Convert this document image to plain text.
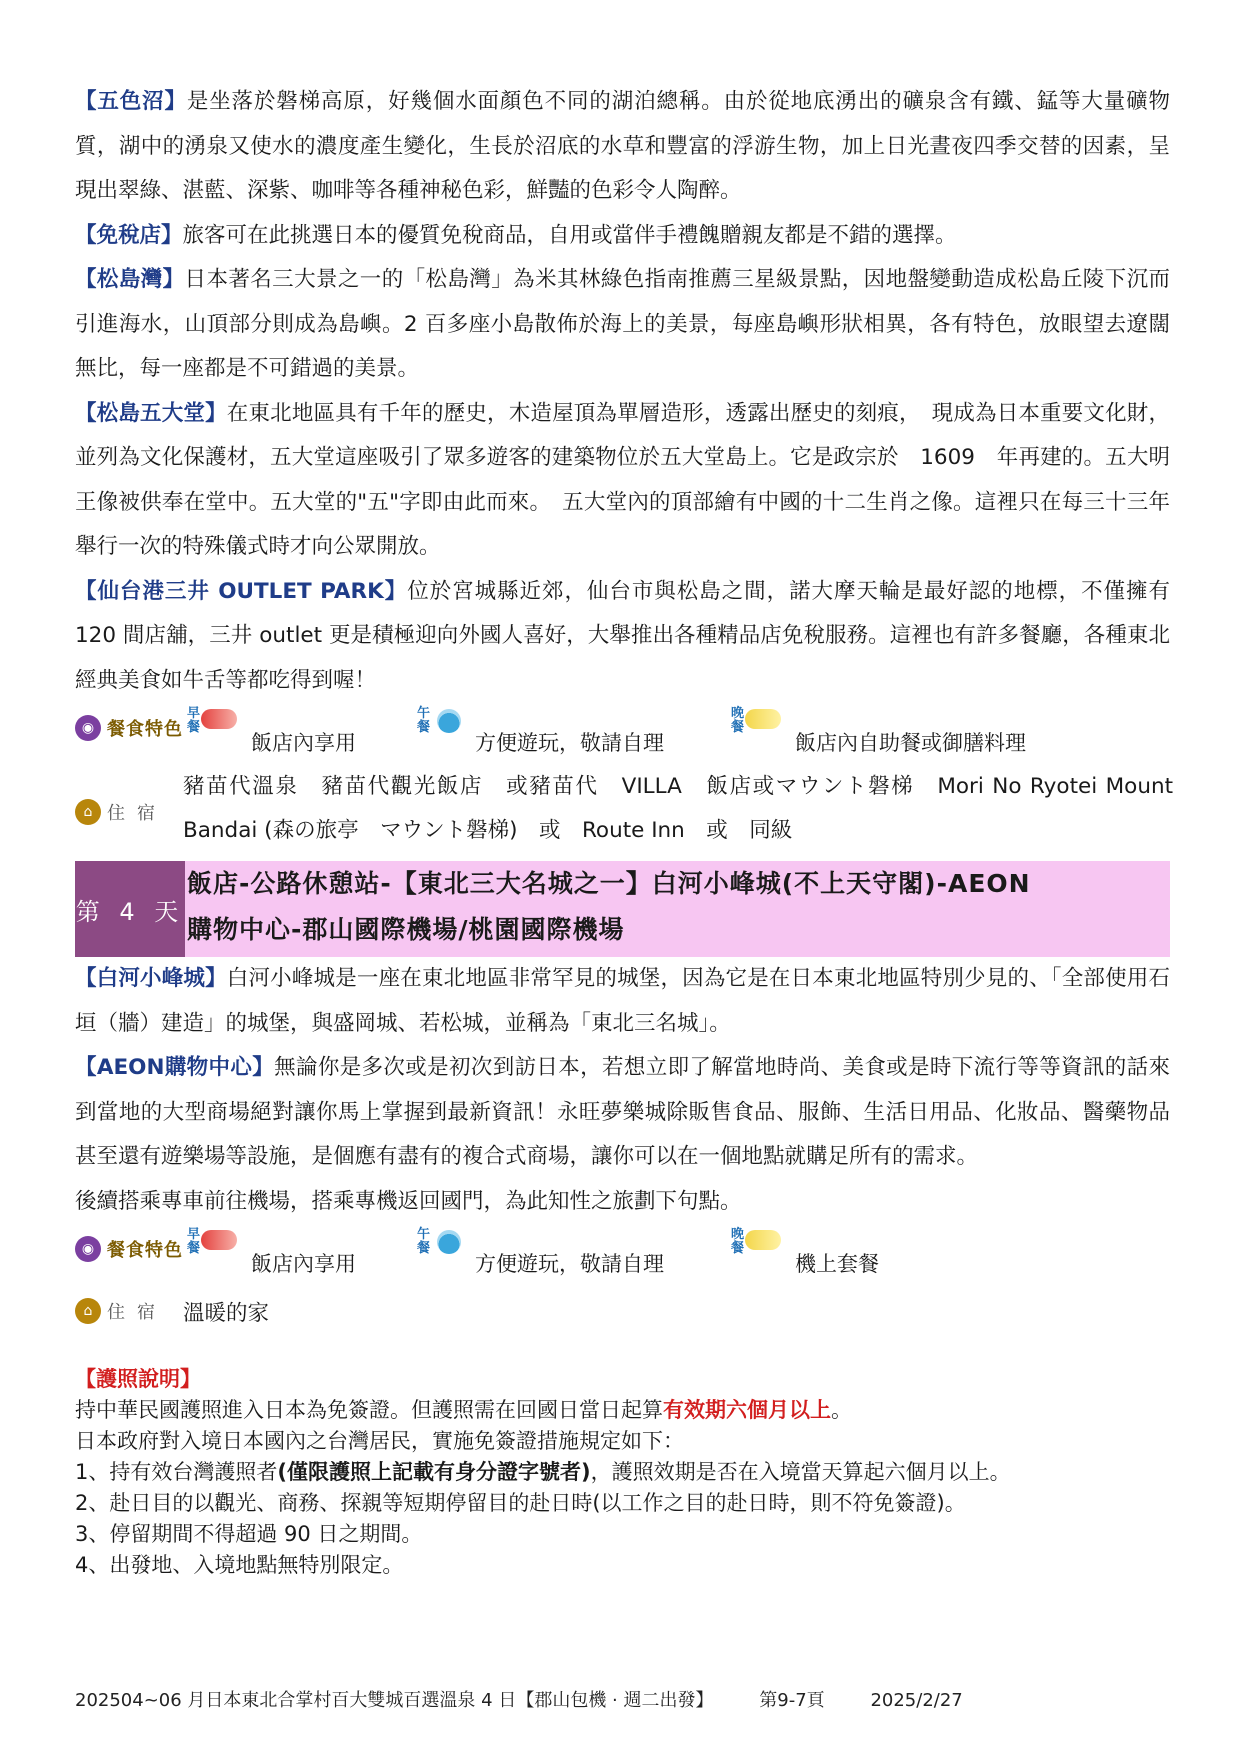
【五色沼】是坐落於磐梯高原，好幾個水面顏色不同的湖泊總稱。由於從地底湧出的礦泉含有鐵、錳等大量礦物質，湖中的湧泉又使水的濃度產生變化，生長於沼底的水草和豐富的浮游生物，加上日光晝夜四季交替的因素，呈現出翠綠、湛藍、深紫、咖啡等各種神秘色彩，鮮豔的色彩令人陶醉。

【免稅店】旅客可在此挑選日本的優質免稅商品，自用或當伴手禮餽贈親友都是不錯的選擇。

【松島灣】日本著名三大景之一的「松島灣」為米其林綠色指南推薦三星級景點，因地盤變動造成松島丘陵下沉而引進海水，山頂部分則成為島嶼。2 百多座小島散佈於海上的美景，每座島嶼形狀相異，各有特色，放眼望去遼闊無比，每一座都是不可錯過的美景。

【松島五大堂】在東北地區具有千年的歷史，木造屋頂為單層造形，透露出歷史的刻痕，　現成為日本重要文化財，並列為文化保護材，五大堂這座吸引了眾多遊客的建築物位於五大堂島上。它是政宗於　1609　年再建的。五大明王像被供奉在堂中。五大堂的"五"字即由此而來。　五大堂內的頂部繪有中國的十二生肖之像。這裡只在每三十三年舉行一次的特殊儀式時才向公眾開放。

【仙台港三井 OUTLET PARK】位於宮城縣近郊，仙台市與松島之間，諾大摩天輪是最好認的地標，不僅擁有 120 間店舖，三井 outlet 更是積極迎向外國人喜好，大舉推出各種精品店免稅服務。這裡也有許多餐廳，各種東北經典美食如牛舌等都吃得到喔！

◉ 餐食特色
早餐
飯店內享用
午餐
方便遊玩，敬請自理
晚餐
飯店內自助餐或御膳料理
⌂ 住宿
豬苗代溫泉　豬苗代觀光飯店　或豬苗代　VILLA　飯店或マウント磐梯　Mori No Ryotei Mount Bandai (森の旅亭　マウント磐梯)　或　Route Inn　或　同級
第 4 天
飯店-公路休憩站-【東北三大名城之一】白河小峰城(不上天守閣)-AEON
購物中心-郡山國際機場/桃園國際機場

【白河小峰城】白河小峰城是一座在東北地區非常罕見的城堡，因為它是在日本東北地區特別少見的、「全部使用石垣（牆）建造」的城堡，與盛岡城、若松城，並稱為「東北三名城」。

【AEON購物中心】無論你是多次或是初次到訪日本，若想立即了解當地時尚、美食或是時下流行等等資訊的話來到當地的大型商場絕對讓你馬上掌握到最新資訊！永旺夢樂城除販售食品、服飾、生活日用品、化妝品、醫藥物品甚至還有遊樂場等設施，是個應有盡有的複合式商場，讓你可以在一個地點就購足所有的需求。

後續搭乘專車前往機場，搭乘專機返回國門，為此知性之旅劃下句點。

◉ 餐食特色
早餐
飯店內享用
午餐
方便遊玩，敬請自理
晚餐
機上套餐
⌂ 住宿 溫暖的家
【護照說明】
持中華民國護照進入日本為免簽證。但護照需在回國日當日起算有效期六個月以上。
日本政府對入境日本國內之台灣居民，實施免簽證措施規定如下：
1、持有效台灣護照者(僅限護照上記載有身分證字號者)，護照效期是否在入境當天算起六個月以上。
2、赴日目的以觀光、商務、探親等短期停留目的赴日時(以工作之目的赴日時，則不符免簽證)。
3、停留期間不得超過 90 日之期間。
4、出發地、入境地點無特別限定。
202504~06 月日本東北合掌村百大雙城百選溫泉 4 日【郡山包機 · 週二出發】	第9-7頁	2025/2/27
